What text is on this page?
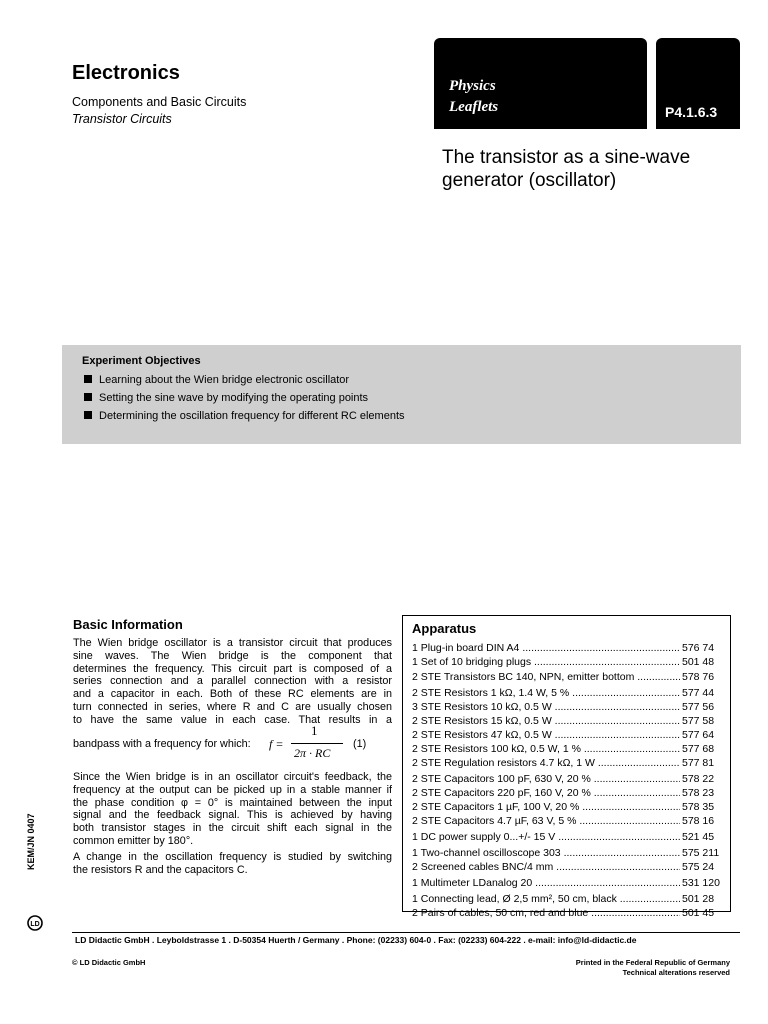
Electronics
Components and Basic Circuits
Transistor Circuits
Physics
Leaflets	P4.1.6.3
The transistor as a sine-wave
generator (oscillator)
Experiment Objectives
Learning about the Wien bridge electronic oscillator
Setting the sine wave by modifying the operating points
Determining the oscillation frequency for different RC elements
Basic Information
The Wien bridge oscillator is a transistor circuit that produces
sine waves. The Wien bridge is the component that
determines the frequency. This circuit part is composed of a
series connection and a parallel connection with a resistor
and a capacitor in each. Both of these RC elements are in
turn connected in series, where R and C are usually chosen
to have the same value in each case. That results in a
bandpass with a frequency for which: f =
1
2π · RC
(1)
Since the Wien bridge is in an oscillator circuit's feedback, the
frequency at the output can be picked up in a stable manner if
the phase condition φ = 0° is maintained between the input
signal and the feedback signal. This is achieved by having
both transistor stages in the circuit shift each signal in the
common emitter by 180°.
A change in the oscillation frequency is studied by switching
the resistors R and the capacitors C.
Apparatus
1 Plug-in board DIN A4 .....	576 74
1 Set of 10 bridging plugs .....	501 48
2 STE Transistors BC 140, NPN, emitter bottom .....	578 76
2 STE Resistors 1 kΩ, 1.4 W, 5 % .....	577 44
3 STE Resistors 10 kΩ, 0.5 W .....	577 56
2 STE Resistors 15 kΩ, 0.5 W .....	577 58
2 STE Resistors 47 kΩ, 0.5 W .....	577 64
2 STE Resistors 100 kΩ, 0.5 W, 1 % .....	577 68
2 STE Regulation resistors 4.7 kΩ, 1 W .....	577 81
2 STE Capacitors 100 pF, 630 V, 20 % .....	578 22
2 STE Capacitors 220 pF, 160 V, 20 % .....	578 23
2 STE Capacitors 1 µF, 100 V, 20 % .....	578 35
2 STE Capacitors 4.7 µF, 63 V, 5 % .....	578 16
1 DC power supply 0...+/- 15 V .....	521 45
1 Two-channel oscilloscope 303 .....	575 211
2 Screened cables BNC/4 mm .....	575 24
1 Multimeter LDanalog 20 .....	531 120
1 Connecting lead, Ø 2,5 mm², 50 cm, black .....	501 28
2 Pairs of cables, 50 cm, red and blue .....	501 45
LD Didactic GmbH . Leyboldstrasse 1 . D-50354 Huerth / Germany . Phone: (02233) 604-0 . Fax: (02233) 604-222 . e-mail: info@ld-didactic.de
© LD Didactic GmbH	Printed in the Federal Republic of Germany
Technical alterations reserved
KEM/JN 0407
LD
